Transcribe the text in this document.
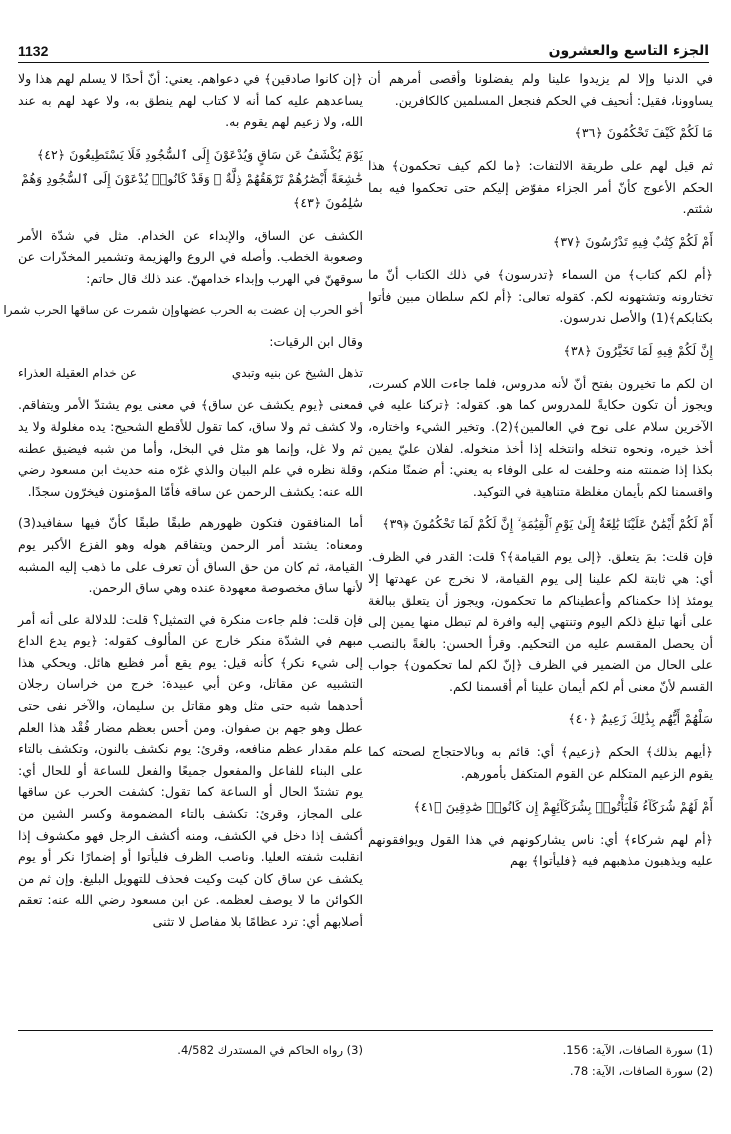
1132	الجزء التاسع والعشرون

في الدنيا وإلا لم يزيدوا علينا ولم يفضلونا وأقصى أمرهم أن يساوونا، فقيل: أنحيف في الحكم فنجعل المسلمين كالكافرين.

مَا لَكُمْ كَيْفَ تَحْكُمُونَ ﴿٣٦﴾

ثم قيل لهم على طريقة الالتفات: ﴿ما لكم كيف تحكمون﴾ هذا الحكم الأعوج كأنّ أمر الجزاء مفوّض إليكم حتى تحكموا فيه بما شئتم.

أَمْ لَكُمْ كِتَٰبٌ فِيهِ تَدْرُسُونَ ﴿٣٧﴾

﴿أم لكم كتاب﴾ من السماء ﴿تدرسون﴾ في ذلك الكتاب أنّ ما تختارونه وتشتهونه لكم. كقوله تعالى: ﴿أم لكم سلطان مبين فأتوا بكتابكم﴾(1) والأصل ندرسون.

إِنَّ لَكُمْ فِيهِ لَمَا تَخَيَّرُونَ ﴿٣٨﴾

ان لكم ما تخيرون بفتح أنّ لأنه مدروس، فلما جاءت اللام كسرت، ويجوز أن تكون حكايةً للمدروس كما هو. كقوله: ﴿تركنا عليه في الآخرين سلام على نوح في العالمين﴾(2). وتخير الشيء واختاره، أخذ خيره، ونحوه تنخله وانتخله إذا أخذ منخوله. لفلان عليّ يمين بكذا إذا ضمنته منه وحلفت له على الوفاء به يعني: أم ضمنًا منكم، واقسمنا لكم بأيمان مغلظة متناهية في التوكيد.

أَمْ لَكُمْ أَيْمَٰنٌ عَلَيْنَا بَٰلِغَةٌ إِلَىٰ يَوْمِ ٱلْقِيَٰمَةِ ۙ إِنَّ لَكُمْ لَمَا تَحْكُمُونَ ﴿٣٩﴾

فإن قلت: بمَ يتعلق. ﴿إلى يوم القيامة﴾؟ قلت: القدر في الظرف. أي: هي ثابتة لكم علينا إلى يوم القيامة، لا نخرج عن عهدتها إلا يومئذ إذا حكمناكم وأعطيناكم ما تحكمون، ويجوز أن يتعلق ببالغة على أنها تبلغ ذلكم اليوم وتنتهي إليه وافرة لم تبطل منها يمين إلى أن يحصل المقسم عليه من التحكيم. وقرأ الحسن: بالغةً بالنصب على الحال من الضمير في الظرف ﴿إنّ لكم لما تحكمون﴾ جواب القسم لأنّ معنى أم لكم أيمان علينا أم أقسمنا لكم.

سَلْهُمْ أَيُّهُم بِذَٰلِكَ زَعِيمٌ ﴿٤٠﴾

﴿أيهم بذلك﴾ الحكم ﴿زعيم﴾ أي: قائم به وبالاحتجاج لصحته كما يقوم الزعيم المتكلم عن القوم المتكفل بأمورهم.

أَمْ لَهُمْ شُرَكَآءُ فَلْيَأْتُوا۟ بِشُرَكَآئِهِمْ إِن كَانُوا۟ صَٰدِقِينَ ﴿٤١﴾

﴿أم لهم شركاء﴾ أي: ناس يشاركونهم في هذا القول ويوافقونهم عليه ويذهبون مذهبهم فيه ﴿فليأتوا﴾ بهم

﴿إن كانوا صادقين﴾ في دعواهم. يعني: أنّ أحدًا لا يسلم لهم هذا ولا يساعدهم عليه كما أنه لا كتاب لهم ينطق به، ولا عهد لهم به عند الله، ولا زعيم لهم يقوم به.

يَوْمَ يُكْشَفُ عَن سَاقٍ وَيُدْعَوْنَ إِلَى ٱلسُّجُودِ فَلَا يَسْتَطِيعُونَ ﴿٤٢﴾ خَٰشِعَةً أَبْصَٰرُهُمْ تَرْهَقُهُمْ ذِلَّةٌ ۖ وَقَدْ كَانُوا۟ يُدْعَوْنَ إِلَى ٱلسُّجُودِ وَهُمْ سَٰلِمُونَ ﴿٤٣﴾

الكشف عن الساق، والإبداء عن الخدام. مثل في شدّة الأمر وصعوبة الخطب. وأصله في الروع والهزيمة وتشمير المخدّرات عن سوقهنّ في الهرب وإبداء خدامهنّ. عند ذلك قال حاتم:

أخو الحرب إن عضت به الحرب عضها
وإن شمرت عن ساقها الحرب شمرا

وقال ابن الرقيات:

تذهل الشيخ عن بنيه وتبدي
عن خدام العقيلة العذراء

فمعنى ﴿يوم يكشف عن ساق﴾ في معنى يوم يشتدّ الأمر ويتفاقم. ولا كشف ثم ولا ساق، كما تقول للأقطع الشحيح: يده مغلولة ولا يد ثم ولا غل، وإنما هو مثل في البخل، وأما من شبه فيضيق عطنه وقلة نظره في علم البيان والذي غرّه منه حديث ابن مسعود رضي الله عنه: يكشف الرحمن عن ساقه فأمّا المؤمنون فيخرّون سجدًا.

أما المنافقون فتكون ظهورهم طبقًا طبقًا كأنّ فيها سفافيد(3) ومعناه: يشتد أمر الرحمن ويتفاقم هوله وهو الفزع الأكبر يوم القيامة، ثم كان من حق الساق أن تعرف على ما ذهب إليه المشبه لأنها ساق مخصوصة معهودة عنده وهي ساق الرحمن.

فإن قلت: فلم جاءت منكرة في التمثيل؟ قلت: للدلالة على أنه أمر مبهم في الشدّة منكر خارج عن المألوف كقوله: ﴿يوم يدع الداع إلى شيء نكر﴾ كأنه قيل: يوم يقع أمر فظيع هائل. ويحكي هذا التشبيه عن مقاتل، وعن أبي عبيدة: خرج من خراسان رجلان أحدهما شبه حتى مثل وهو مقاتل بن سليمان، والآخر نفى حتى عطل وهو جهم بن صفوان. ومن أحس بعظم مضار فُقْد هذا العلم علم مقدار عظم منافعه، وقرئ: يوم نكشف بالنون، وتكشف بالتاء على البناء للفاعل والمفعول جميعًا والفعل للساعة أو للحال أي: يوم تشتدّ الحال أو الساعة كما تقول: كشفت الحرب عن ساقها على المجاز، وقرئ: تكشف بالتاء المضمومة وكسر الشين من أكشف إذا دخل في الكشف، ومنه أكشف الرجل فهو مكشوف إذا انقلبت شفته العليا. وناصب الظرف فليأتوا أو إضمارًا نكر أو يوم يكشف عن ساق كان كيت وكيت فحذف للتهويل البليغ. وإن ثم من الكوائن ما لا يوصف لعظمه. عن ابن مسعود رضي الله عنه: تعقم أصلابهم أي: ترد عظامًا بلا مفاصل لا تثنى

(1) سورة الصافات، الآية: 156.
(2) سورة الصافات، الآية: 78.
(3) رواه الحاكم في المستدرك 4/582.
